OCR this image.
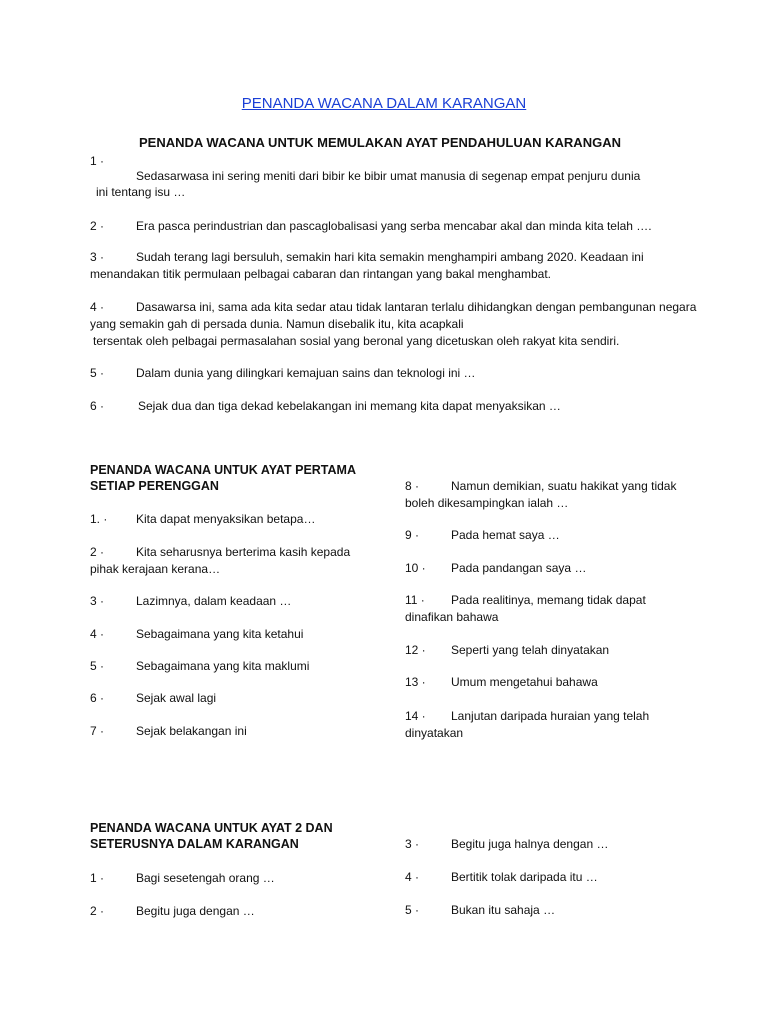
PENANDA WACANA DALAM KARANGAN
PENANDA WACANA UNTUK MEMULAKAN AYAT PENDAHULUAN KARANGAN
1 ·
Sedasarwasa ini sering meniti dari bibir ke bibir umat manusia di segenap empat penjuru dunia
ini tentang isu …
2 ·	Era pasca perindustrian dan pascaglobalisasi yang serba mencabar akal dan minda kita telah ….
3 ·	Sudah terang lagi bersuluh, semakin hari kita semakin menghampiri ambang 2020. Keadaan ini
menandakan titik permulaan pelbagai cabaran dan rintangan yang bakal menghambat.
4 ·	Dasawarsa ini, sama ada kita sedar atau tidak lantaran terlalu dihidangkan dengan pembangunan negara
yang semakin gah di persada dunia. Namun disebalik itu, kita acapkali
tersentak oleh pelbagai permasalahan sosial yang beronal yang dicetuskan oleh rakyat kita sendiri.
5 ·	Dalam dunia yang dilingkari kemajuan sains dan teknologi ini …
6 ·	Sejak dua dan tiga dekad kebelakangan ini memang kita dapat menyaksikan …
PENANDA WACANA UNTUK AYAT PERTAMA
SETIAP PERENGGAN
1. · Kita dapat menyaksikan betapa…
2 ·	Kita seharusnya berterima kasih kepada
pihak kerajaan kerana…
3 ·	Lazimnya, dalam keadaan …
4 ·	Sebagaimana yang kita ketahui
5 ·	Sebagaimana yang kita maklumi
6 ·	Sejak awal lagi
7 ·	Sejak belakangan ini
8 ·	Namun demikian, suatu hakikat yang tidak
boleh dikesampingkan ialah …
9 ·	Pada hemat saya …
10 · Pada pandangan saya …
11 · Pada realitinya, memang tidak dapat
dinafikan bahawa
12 · Seperti yang telah dinyatakan
13 · Umum mengetahui bahawa
14 · Lanjutan daripada huraian yang telah
dinyatakan
PENANDA WACANA UNTUK AYAT 2 DAN
SETERUSNYA DALAM KARANGAN
1 ·	Bagi sesetengah orang …
2 ·	Begitu juga dengan …
3 ·	Begitu juga halnya dengan …
4 ·	Bertitik tolak daripada itu …
5 ·	Bukan itu sahaja …
